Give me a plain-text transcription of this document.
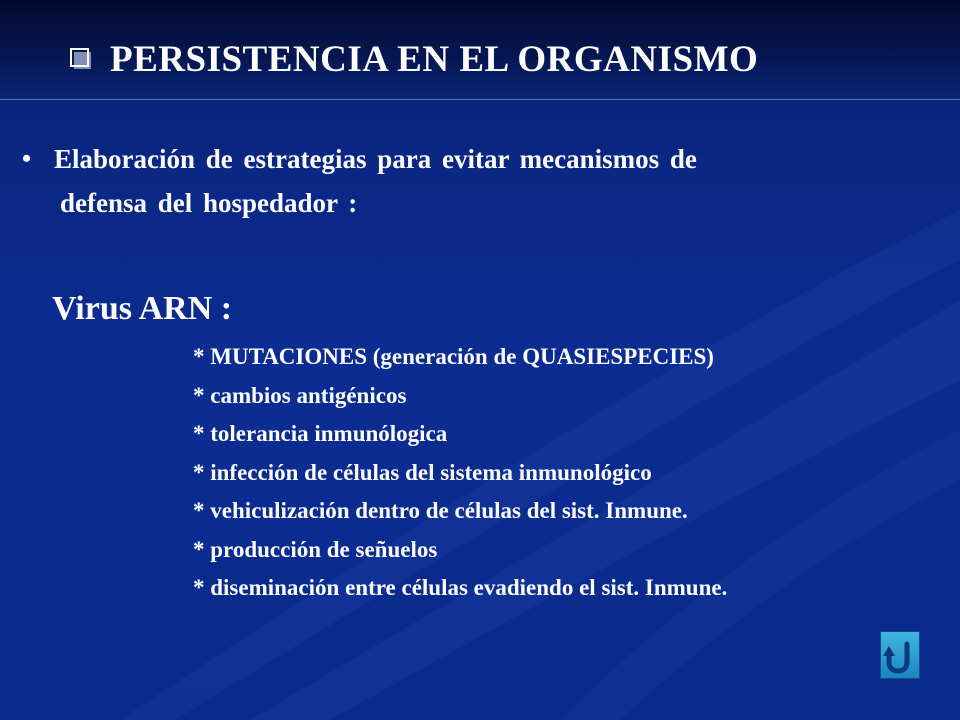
PERSISTENCIA EN EL ORGANISMO
• Elaboración de estrategias para evitar mecanismos de
defensa del hospedador :
Virus ARN :
* MUTACIONES (generación de QUASIESPECIES)
* cambios antigénicos
* tolerancia inmunólogica
* infección de células del sistema inmunológico
* vehiculización dentro de células del sist. Inmune.
* producción de señuelos
* diseminación entre células evadiendo el sist. Inmune.
